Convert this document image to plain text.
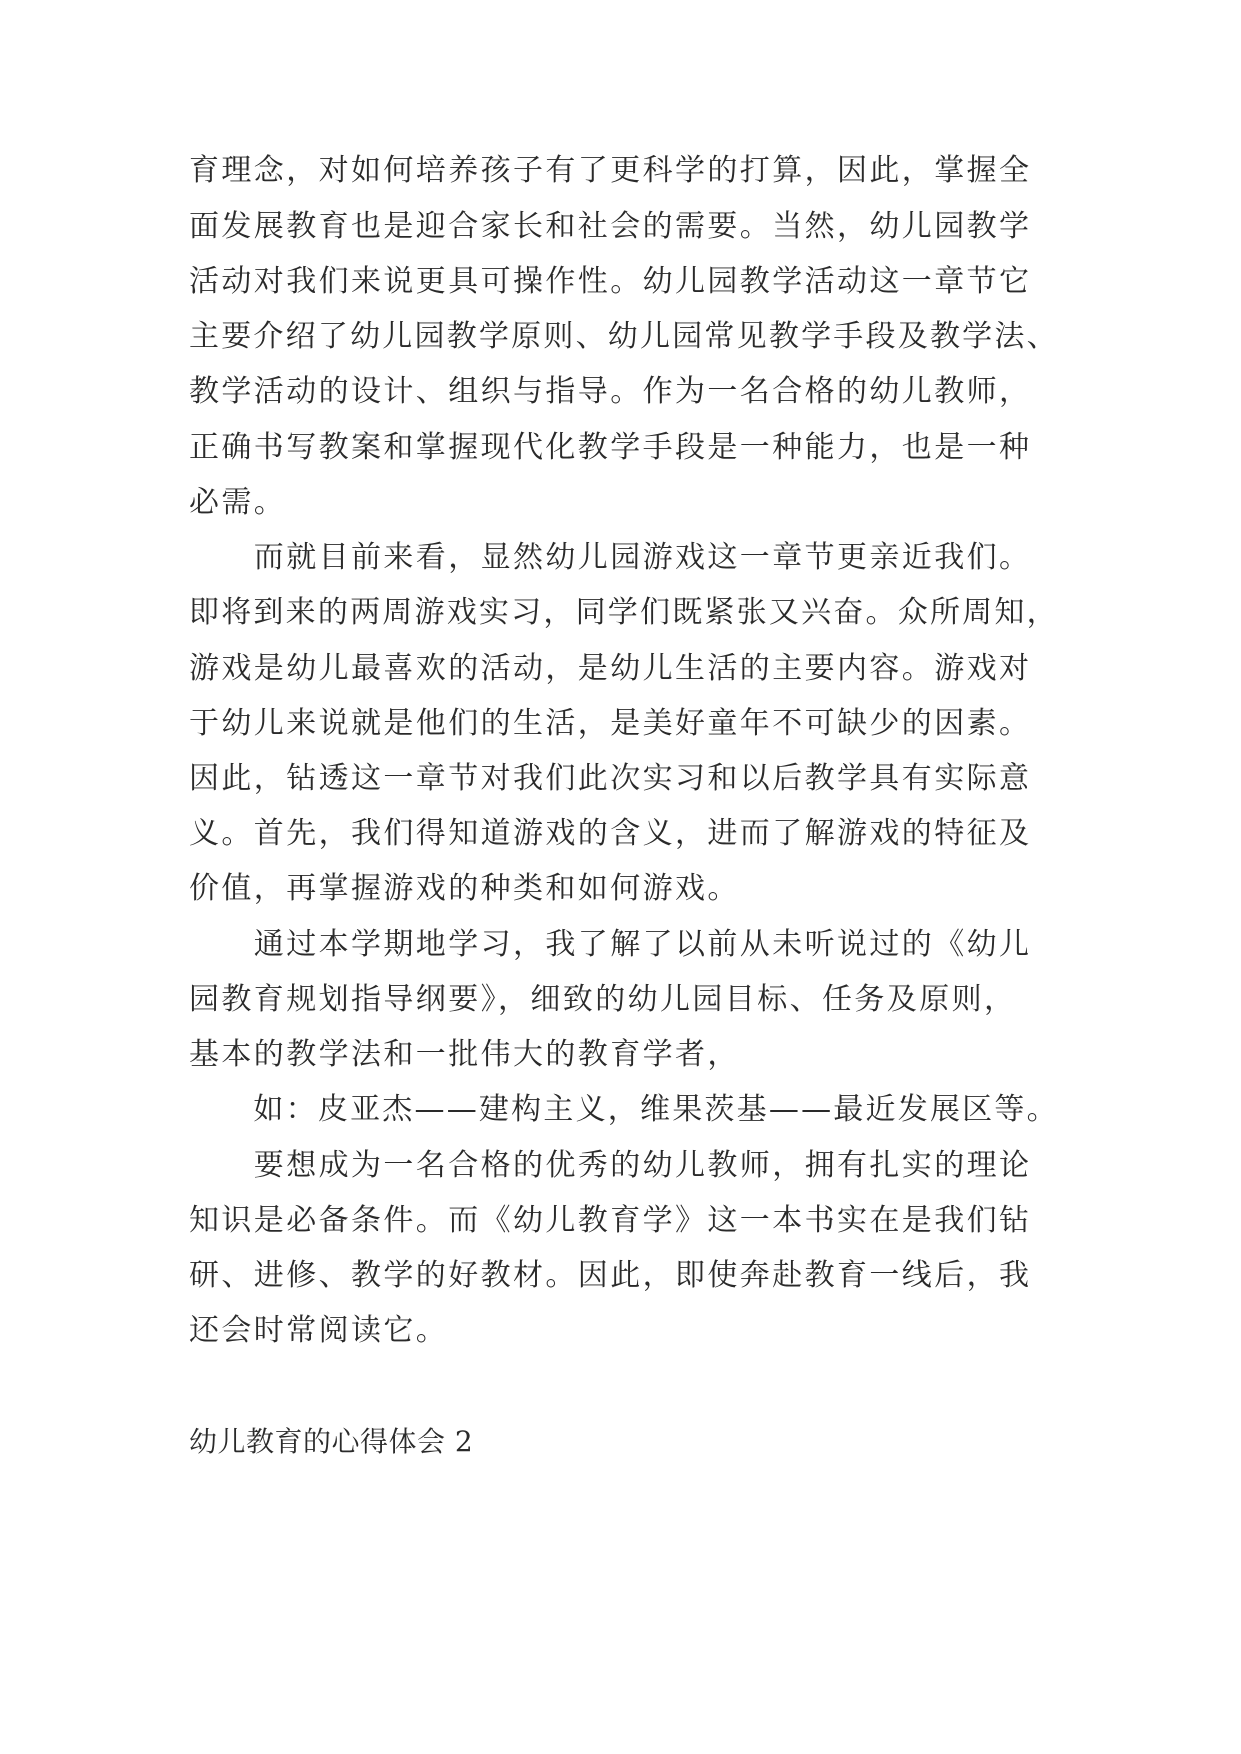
育理念，对如何培养孩子有了更科学的打算，因此，掌握全
面发展教育也是迎合家长和社会的需要。当然，幼儿园教学
活动对我们来说更具可操作性。幼儿园教学活动这一章节它
主要介绍了幼儿园教学原则、幼儿园常见教学手段及教学法、
教学活动的设计、组织与指导。作为一名合格的幼儿教师，
正确书写教案和掌握现代化教学手段是一种能力，也是一种
必需。
　　而就目前来看，显然幼儿园游戏这一章节更亲近我们。
即将到来的两周游戏实习，同学们既紧张又兴奋。众所周知，
游戏是幼儿最喜欢的活动，是幼儿生活的主要内容。游戏对
于幼儿来说就是他们的生活，是美好童年不可缺少的因素。
因此，钻透这一章节对我们此次实习和以后教学具有实际意
义。首先，我们得知道游戏的含义，进而了解游戏的特征及
价值，再掌握游戏的种类和如何游戏。
　　通过本学期地学习，我了解了以前从未听说过的《幼儿
园教育规划指导纲要》，细致的幼儿园目标、任务及原则，
基本的教学法和一批伟大的教育学者，
　　如：皮亚杰——建构主义，维果茨基——最近发展区等。
　　要想成为一名合格的优秀的幼儿教师，拥有扎实的理论
知识是必备条件。而《幼儿教育学》这一本书实在是我们钻
研、进修、教学的好教材。因此，即使奔赴教育一线后，我
还会时常阅读它。
幼儿教育的心得体会 2
